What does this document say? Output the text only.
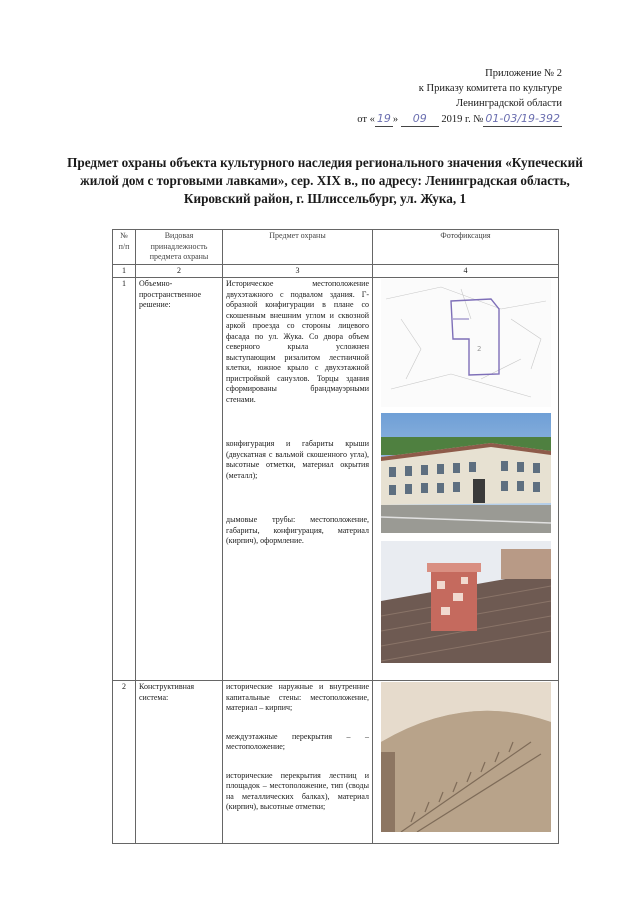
Приложение № 2
к Приказу комитета по культуре
Ленинградской области
от « 19 » 09 2019 г. № 01-03/19-392
Предмет охраны объекта культурного наследия регионального значения «Купеческий жилой дом с торговыми лавками», сер. XIX в., по адресу: Ленинградская область, Кировский район, г. Шлиссельбург, ул. Жука, 1
№ п/п	Видовая принадлежность предмета охраны	Предмет охраны	Фотофиксация
1	2	3	4
1	Объемно-пространственное решение:	Историческое местоположение двухэтажного с подвалом здания. Г-образной конфигурации в плане со скошенным внешним углом и сквозной аркой проезда со стороны лицевого фасада по ул. Жука. Со двора объем северного крыла усложнен выступающим ризалитом лестничной клетки, южное крыло с двухэтажной пристройкой санузлов. Торцы здания сформированы брандмауэрными стенами.

конфигурация и габариты крыши (двускатная с вальмой скошенного угла), высотные отметки, материал окрытия (металл);

дымовые трубы: местоположение, габариты, конфигурация, материал (кирпич), оформление.	2

2	Конструктивная система:	исторические наружные и внутренние капитальные стены: местоположение, материал – кирпич;

междуэтажные перекрытия – – местоположение;

исторические перекрытия лестниц и площадок – местоположение, тип (своды на металлических балках), материал (кирпич), высотные отметки;
